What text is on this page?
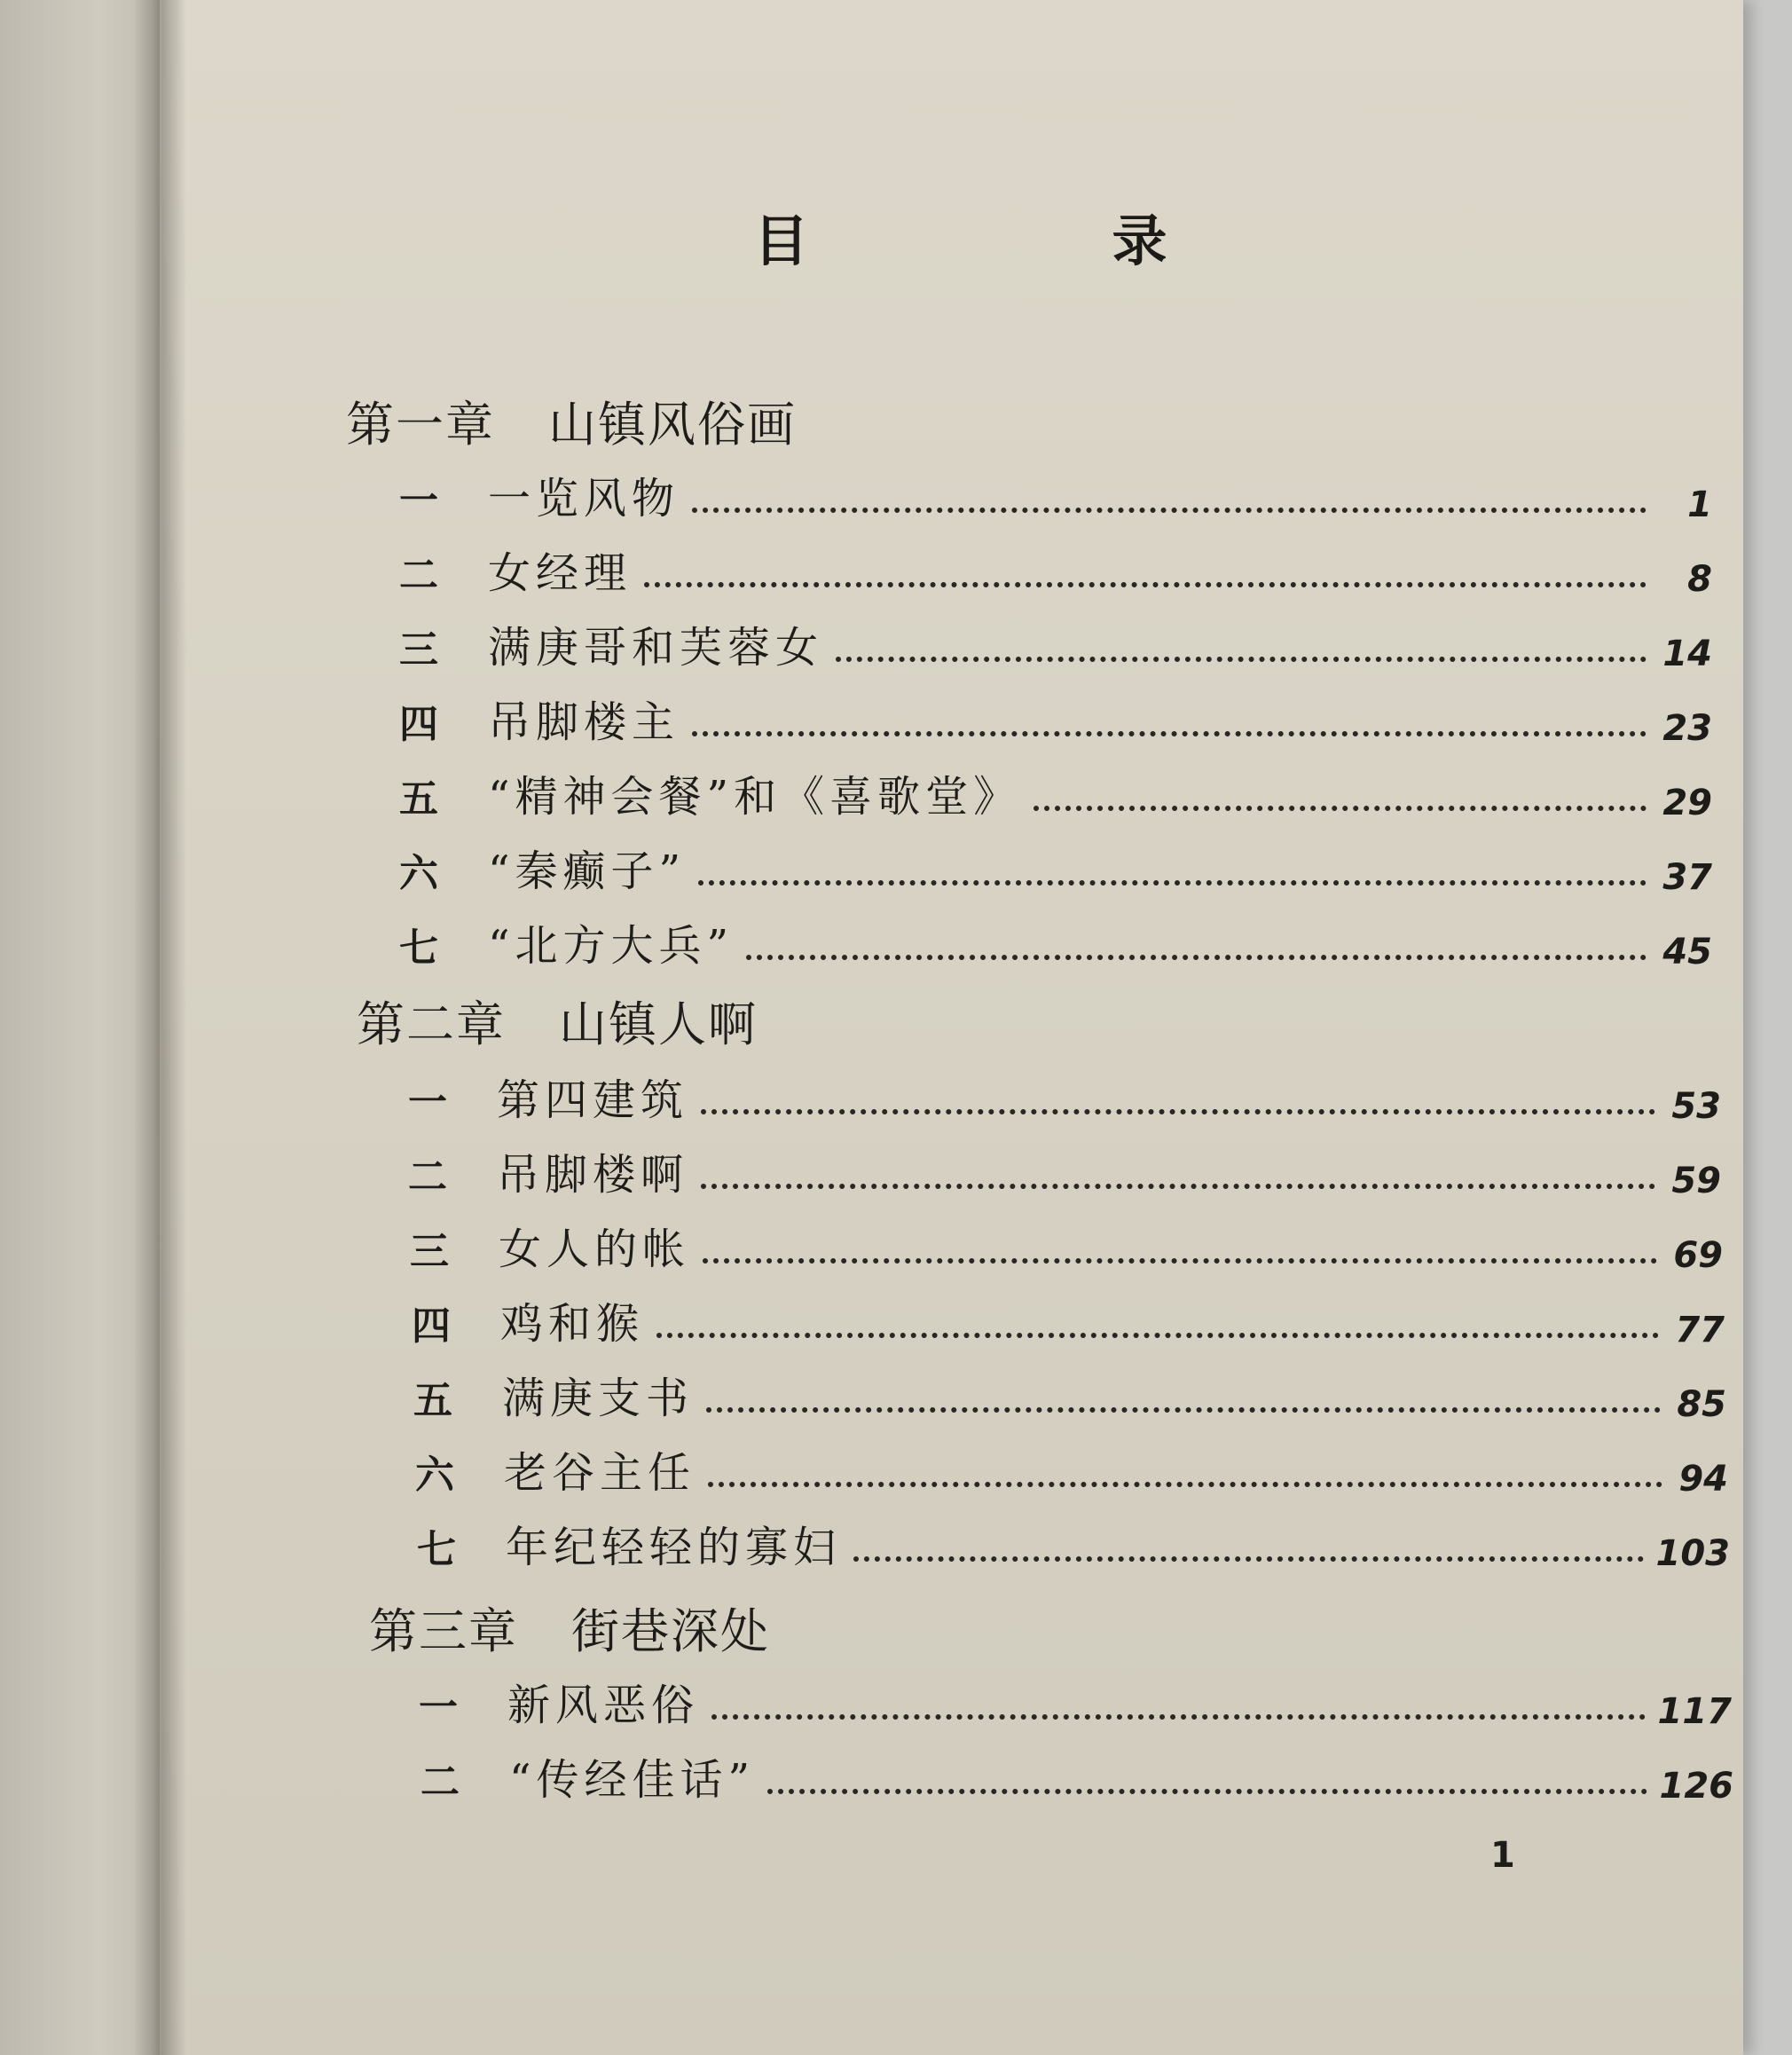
目　录
第一章 山镇风俗画
一	一览风物	1
二	女经理	8
三	满庚哥和芙蓉女	14
四	吊脚楼主	23
五	“精神会餐”和《喜歌堂》	29
六	“秦癫子”	37
七	“北方大兵”	45
第二章 山镇人啊
一	第四建筑	53
二	吊脚楼啊	59
三	女人的帐	69
四	鸡和猴	77
五	满庚支书	85
六	老谷主任	94
七	年纪轻轻的寡妇	103
第三章 街巷深处
一	新风恶俗	117
二	“传经佳话”	126
1
